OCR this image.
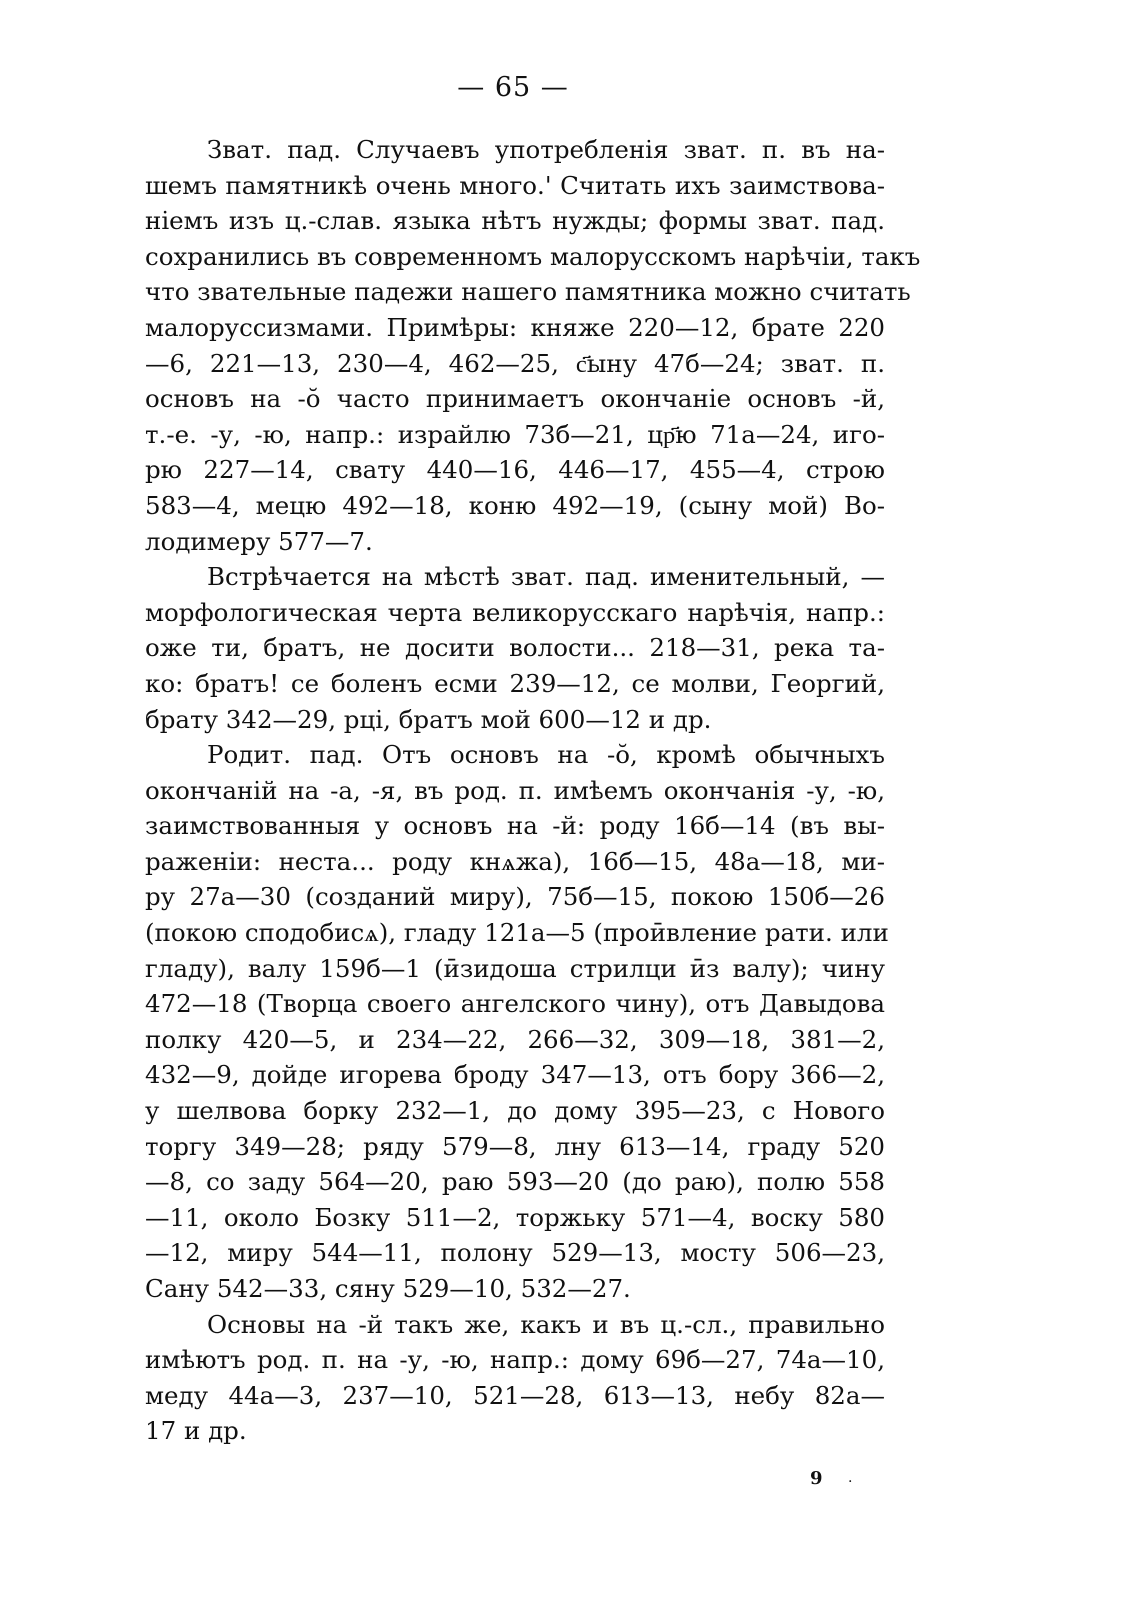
— 65 —

Зват. пад. Случаевъ употребленія зват. п. въ на-
шемъ памятникѣ очень много.' Считать ихъ заимствова-
ніемъ изъ ц.-слав. языка нѣтъ нужды; формы зват. пад.
сохранились въ современномъ малорусскомъ нарѣчіи, такъ
что звательные падежи нашего памятника можно считать
малоруссизмами. Примѣры: княже 220—12, брате 220
—6, 221—13, 230—4, 462—25, с҃ыну 47б—24; зват. п.
основъ на -ŏ часто принимаетъ окончаніе основъ -й,
т.-е. -у, -ю, напр.: израйлю 73б—21, цр҃ю 71а—24, иго-
рю 227—14, свату 440—16, 446—17, 455—4, строю
583—4, мецю 492—18, коню 492—19, (сыну мой) Во-
лодимеру 577—7.

Встрѣчается на мѣстѣ зват. пад. именительный, —
морфологическая черта великорусскаго нарѣчія, напр.:
оже ти, братъ, не досити волости... 218—31, река та-
ко: братъ! се боленъ есми 239—12, се молви, Георгий,
брату 342—29, рці, братъ мой 600—12 и др.

Родит. пад. Отъ основъ на -ŏ, кромѣ обычныхъ
окончаній на -а, -я, въ род. п. имѣемъ окончанія -у, -ю,
заимствованныя у основъ на -й: роду 16б—14 (въ вы-
раженіи: неста... роду кнѧжа), 16б—15, 48а—18, ми-
ру 27а—30 (созданий миру), 75б—15, покою 150б—26
(покою сподобисѧ), гладу 121а—5 (проӣвление рати. или
гладу), валу 159б—1 (ӣзидоша стрилци ӣз валу); чину
472—18 (Творца своего ангелского чину), отъ Давыдова
полку 420—5, и 234—22, 266—32, 309—18, 381—2,
432—9, дойде игорева броду 347—13, отъ бору 366—2,
у шелвова борку 232—1, до дому 395—23, с Нового
торгу 349—28; ряду 579—8, лну 613—14, граду 520
—8, со заду 564—20, раю 593—20 (до раю), полю 558
—11, около Бозку 511—2, торжьку 571—4, воску 580
—12, миру 544—11, полону 529—13, мосту 506—23,
Сану 542—33, сяну 529—10, 532—27.

Основы на -й такъ же, какъ и въ ц.-сл., правильно
имѣютъ род. п. на -у, -ю, напр.: дому 69б—27, 74а—10,
меду 44а—3, 237—10, 521—28, 613—13, небу 82а—
17 и др.

9 .
